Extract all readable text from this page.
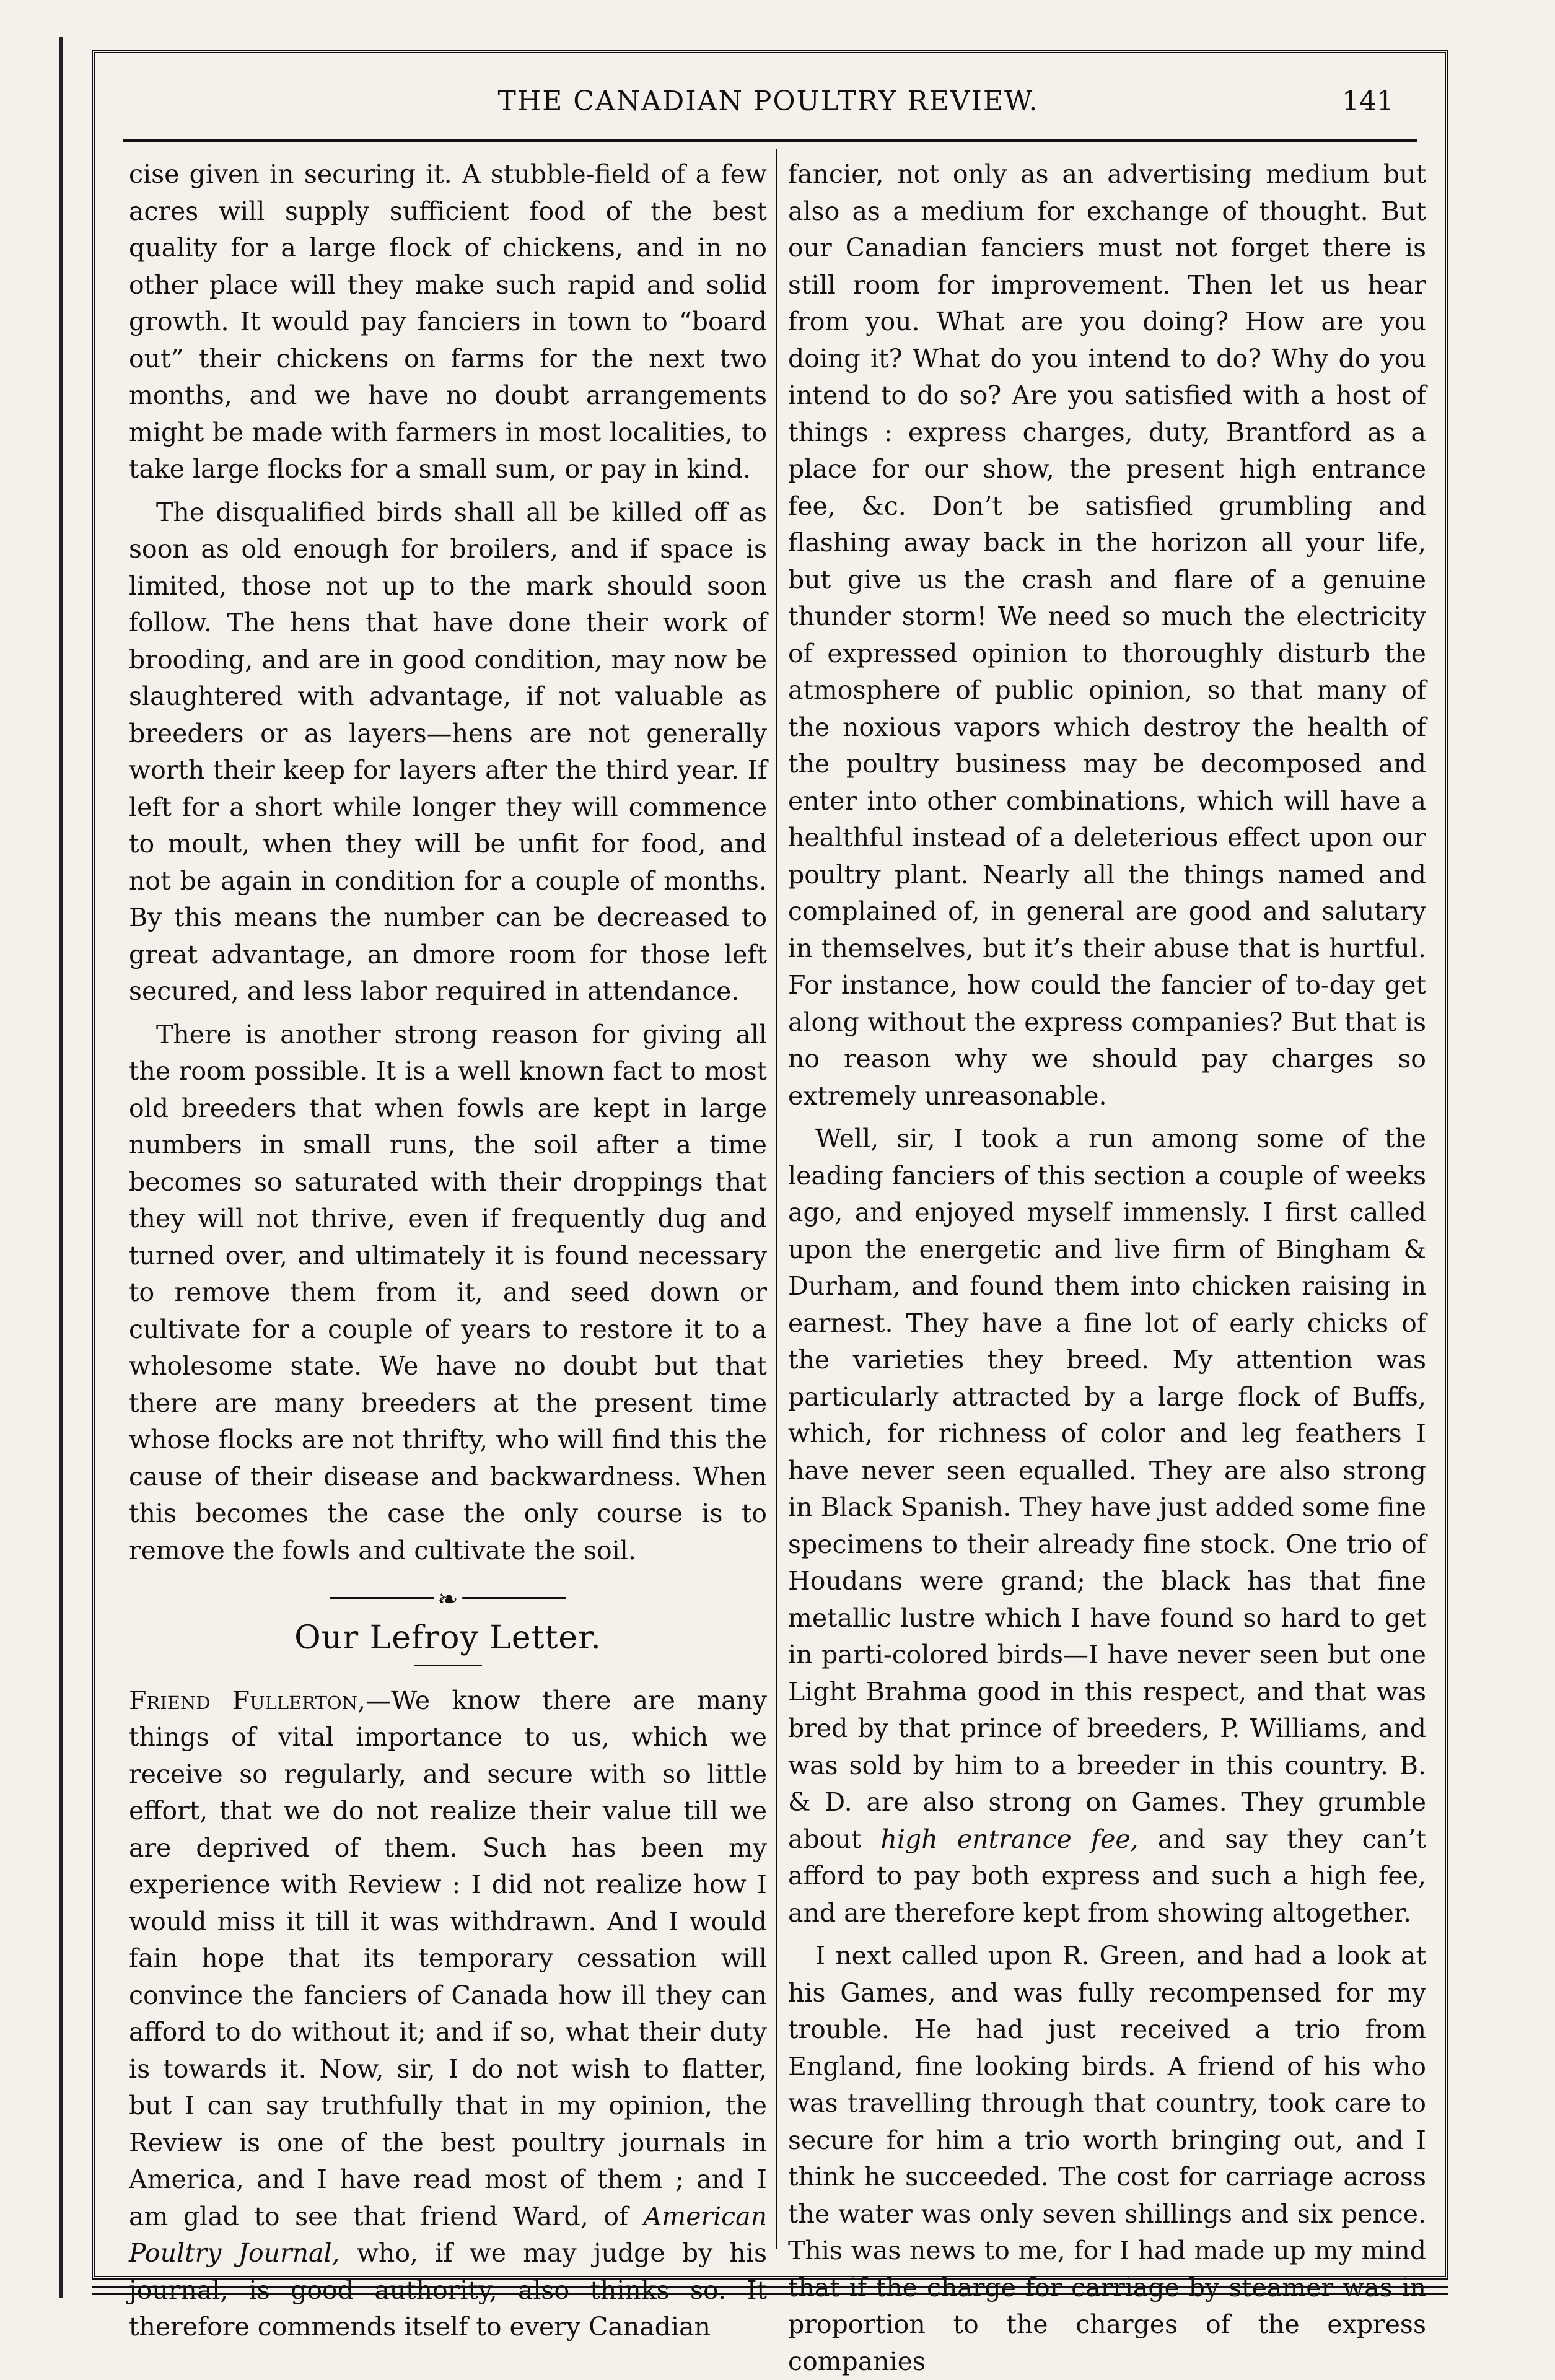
THE CANADIAN POULTRY REVIEW.	141

cise given in securing it. A stubble-field of a few acres will supply sufficient food of the best quality for a large flock of chickens, and in no other place will they make such rapid and solid growth. It would pay fanciers in town to “board out” their chickens on farms for the next two months, and we have no doubt arrangements might be made with farmers in most localities, to take large flocks for a small sum, or pay in kind.

The disqualified birds shall all be killed off as soon as old enough for broilers, and if space is limited, those not up to the mark should soon follow. The hens that have done their work of brooding, and are in good condition, may now be slaughtered with advantage, if not valuable as breeders or as layers—hens are not generally worth their keep for layers after the third year. If left for a short while longer they will commence to moult, when they will be unfit for food, and not be again in condition for a couple of months. By this means the number can be decreased to great advantage, an dmore room for those left secured, and less labor required in attendance.

There is another strong reason for giving all the room possible. It is a well known fact to most old breeders that when fowls are kept in large numbers in small runs, the soil after a time becomes so saturated with their droppings that they will not thrive, even if frequently dug and turned over, and ultimately it is found necessary to remove them from it, and seed down or cultivate for a couple of years to restore it to a wholesome state. We have no doubt but that there are many breeders at the present time whose flocks are not thrifty, who will find this the cause of their disease and backwardness. When this becomes the case the only course is to remove the fowls and cultivate the soil.

❧
Our Lefroy Letter.

Friend Fullerton,—We know there are many things of vital importance to us, which we receive so regularly, and secure with so little effort, that we do not realize their value till we are deprived of them. Such has been my experience with Review : I did not realize how I would miss it till it was withdrawn. And I would fain hope that its temporary cessation will convince the fanciers of Canada how ill they can afford to do without it; and if so, what their duty is towards it. Now, sir, I do not wish to flatter, but I can say truthfully that in my opinion, the Review is one of the best poultry journals in America, and I have read most of them ; and I am glad to see that friend Ward, of American Poultry Journal, who, if we may judge by his journal, is good authority, also thinks so. It therefore commends itself to every Canadian

fancier, not only as an advertising medium but also as a medium for exchange of thought. But our Canadian fanciers must not forget there is still room for improvement. Then let us hear from you. What are you doing? How are you doing it? What do you intend to do? Why do you intend to do so? Are you satisfied with a host of things : express charges, duty, Brantford as a place for our show, the present high entrance fee, &c. Don’t be satisfied grumbling and flashing away back in the horizon all your life, but give us the crash and flare of a genuine thunder storm! We need so much the electricity of expressed opinion to thoroughly disturb the atmosphere of public opinion, so that many of the noxious vapors which destroy the health of the poultry business may be decomposed and enter into other combinations, which will have a healthful instead of a deleterious effect upon our poultry plant. Nearly all the things named and complained of, in general are good and salutary in themselves, but it’s their abuse that is hurtful. For instance, how could the fancier of to-day get along without the express companies? But that is no reason why we should pay charges so extremely unreasonable.

Well, sir, I took a run among some of the leading fanciers of this section a couple of weeks ago, and enjoyed myself immensly. I first called upon the energetic and live firm of Bingham & Durham, and found them into chicken raising in earnest. They have a fine lot of early chicks of the varieties they breed. My attention was particularly attracted by a large flock of Buffs, which, for richness of color and leg feathers I have never seen equalled. They are also strong in Black Spanish. They have just added some fine specimens to their already fine stock. One trio of Houdans were grand; the black has that fine metallic lustre which I have found so hard to get in parti-colored birds—I have never seen but one Light Brahma good in this respect, and that was bred by that prince of breeders, P. Williams, and was sold by him to a breeder in this country. B. & D. are also strong on Games. They grumble about high entrance fee, and say they can’t afford to pay both express and such a high fee, and are therefore kept from showing altogether.

I next called upon R. Green, and had a look at his Games, and was fully recompensed for my trouble. He had just received a trio from England, fine looking birds. A friend of his who was travelling through that country, took care to secure for him a trio worth bringing out, and I think he succeeded. The cost for carriage across the water was only seven shillings and six pence. This was news to me, for I had made up my mind that if the charge for carriage by steamer was in proportion to the charges of the express companies
